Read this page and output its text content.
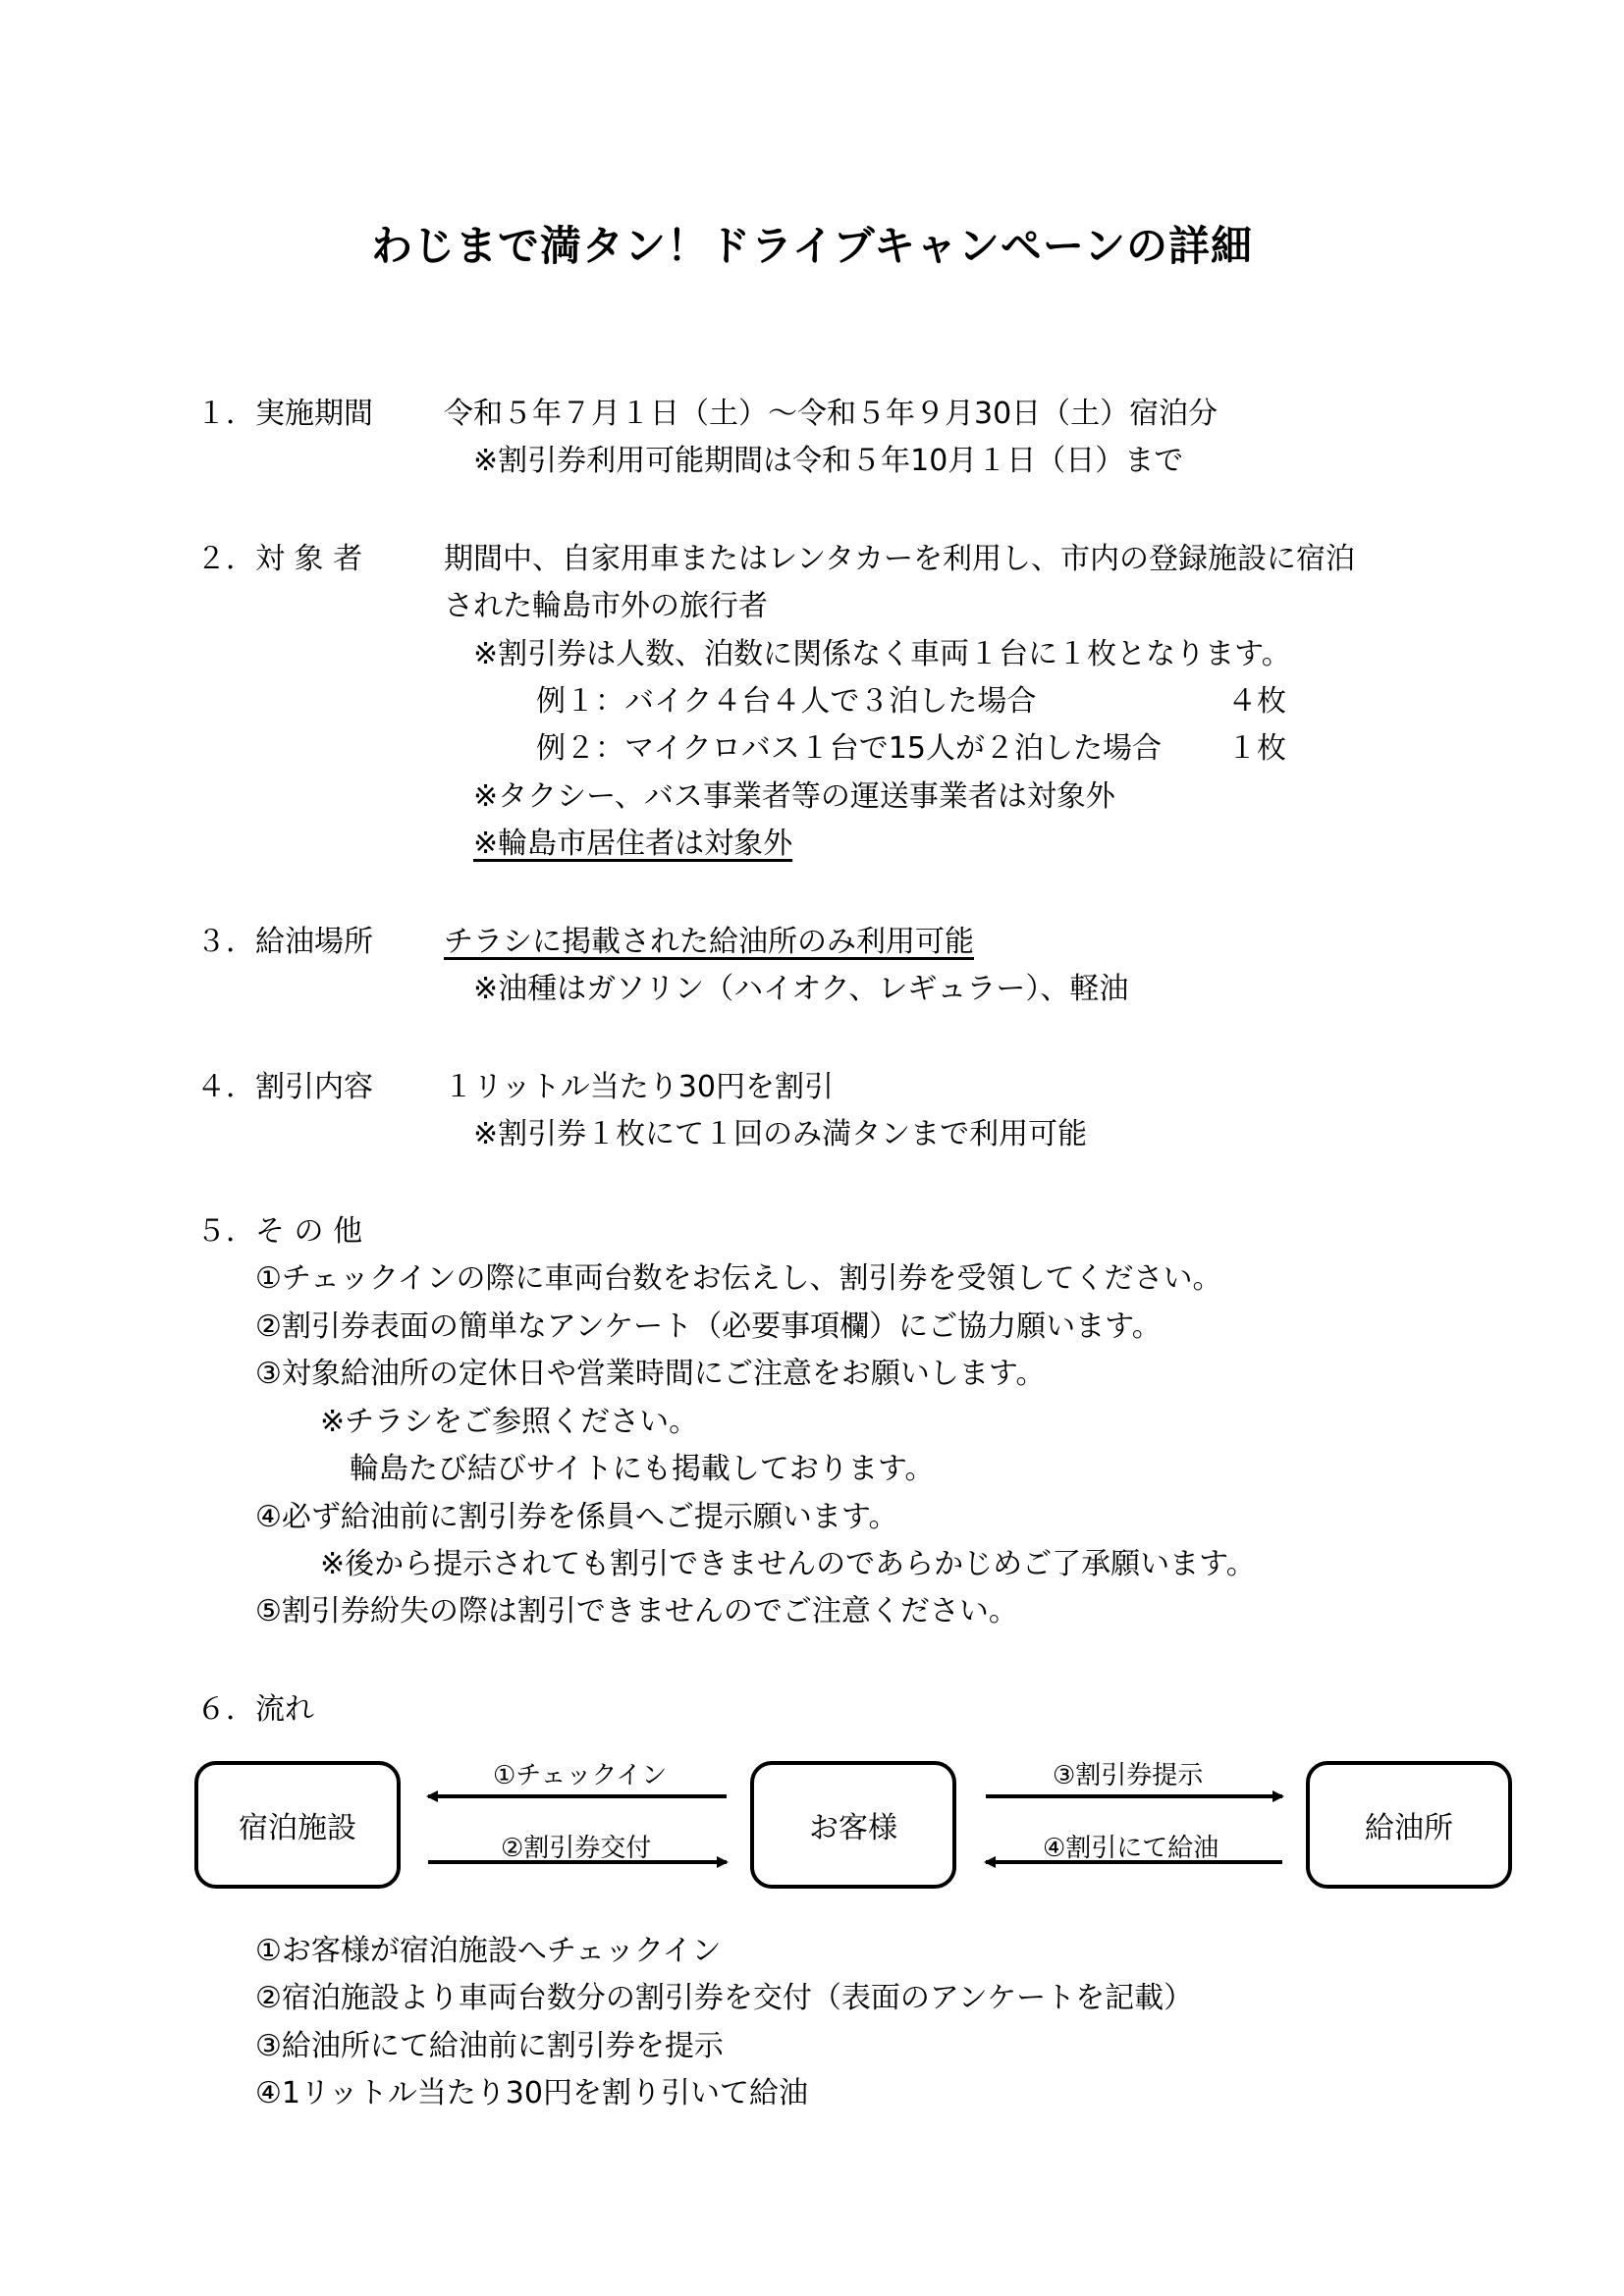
わじまで満タン！ドライブキャンペーンの詳細
１．実施期間 令和５年７月１日（土）～令和５年９月30日（土）宿泊分
※割引券利用可能期間は令和５年10月１日（日）まで
２．対 象 者	期間中、自家用車またはレンタカーを利用し、市内の登録施設に宿泊
された輪島市外の旅行者
※割引券は人数、泊数に関係なく車両１台に１枚となります。
例１：バイク４台４人で３泊した場合	４枚
例２：マイクロバス１台で15人が２泊した場合 １枚
※タクシー、バス事業者等の運送事業者は対象外
※輪島市居住者は対象外
３．給油場所 チラシに掲載された給油所のみ利用可能
※油種はガソリン（ハイオク、レギュラー）、軽油
４．割引内容 １リットル当たり30円を割引
※割引券１枚にて１回のみ満タンまで利用可能
５．そ の 他
①チェックインの際に車両台数をお伝えし、割引券を受領してください。
②割引券表面の簡単なアンケート（必要事項欄）にご協力願います。
③対象給油所の定休日や営業時間にご注意をお願いします。
※チラシをご参照ください。
輪島たび結びサイトにも掲載しております。
④必ず給油前に割引券を係員へご提示願います。
※後から提示されても割引できませんのであらかじめご了承願います。
⑤割引券紛失の際は割引できませんのでご注意ください。
６．流れ
宿泊施設	お客様	給油所
①チェックイン
②割引券交付
③割引券提示
④割引にて給油
①お客様が宿泊施設へチェックイン
②宿泊施設より車両台数分の割引券を交付（表面のアンケートを記載）
③給油所にて給油前に割引券を提示
④1リットル当たり30円を割り引いて給油
